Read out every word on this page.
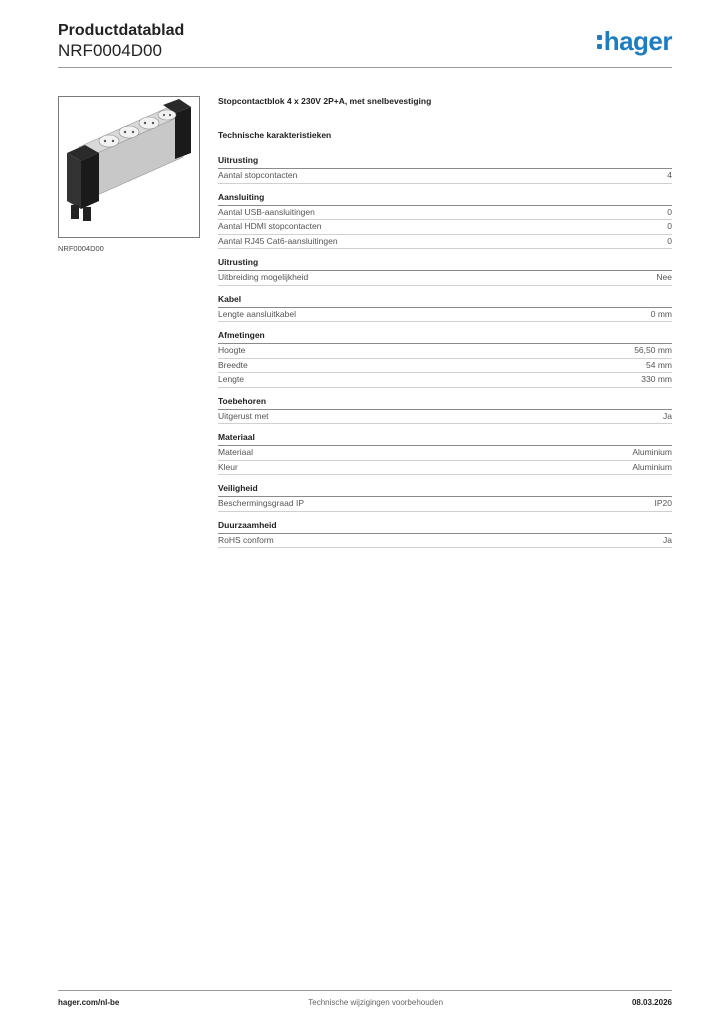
Productdatablad
NRF0004D00	hager
NRF0004D00
Stopcontactblok 4 x 230V 2P+A, met snelbevestiging
Technische karakteristieken
Uitrusting
Aantal stopcontacten	4
Aansluiting
Aantal USB-aansluitingen	0
Aantal HDMI stopcontacten	0
Aantal RJ45 Cat6-aansluitingen	0
Uitrusting
Uitbreiding mogelijkheid	Nee
Kabel
Lengte aansluitkabel	0 mm
Afmetingen
Hoogte	56,50 mm
Breedte	54 mm
Lengte	330 mm
Toebehoren
Uitgerust met	Ja
Materiaal
Materiaal	Aluminium
Kleur	Aluminium
Veiligheid
Beschermingsgraad IP	IP20
Duurzaamheid
RoHS conform	Ja
hager.com/nl-be	Technische wijzigingen voorbehouden	08.03.2026
